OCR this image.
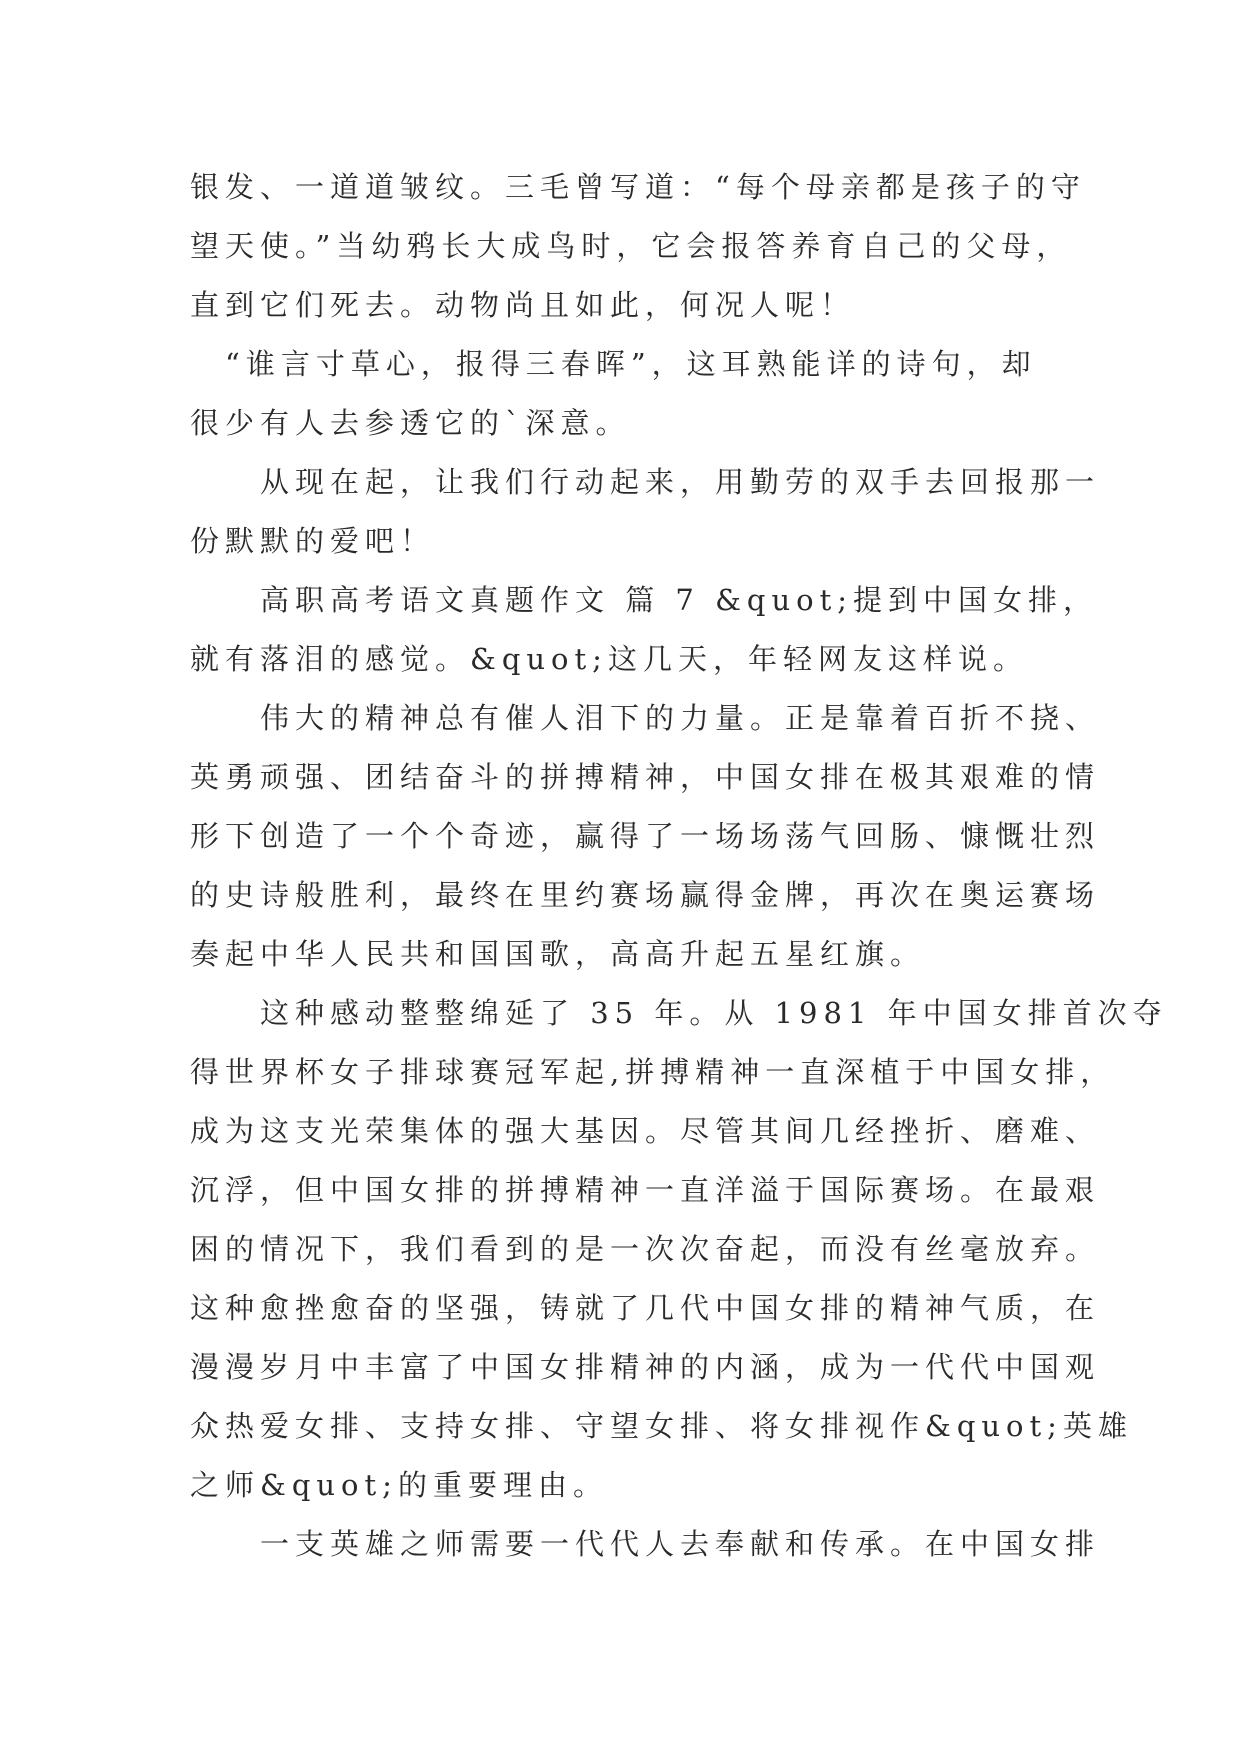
银发、一道道皱纹。三毛曾写道：“每个母亲都是孩子的守
望天使。”当幼鸦长大成鸟时，它会报答养育自己的父母，
直到它们死去。动物尚且如此，何况人呢！
　“谁言寸草心，报得三春晖”，这耳熟能详的诗句，却
很少有人去参透它的`深意。
　　从现在起，让我们行动起来，用勤劳的双手去回报那一
份默默的爱吧！
　　高职高考语文真题作文 篇 7 &quot;提到中国女排，
就有落泪的感觉。&quot;这几天，年轻网友这样说。
　　伟大的精神总有催人泪下的力量。正是靠着百折不挠、
英勇顽强、团结奋斗的拼搏精神，中国女排在极其艰难的情
形下创造了一个个奇迹，赢得了一场场荡气回肠、慷慨壮烈
的史诗般胜利，最终在里约赛场赢得金牌，再次在奥运赛场
奏起中华人民共和国国歌，高高升起五星红旗。
　　这种感动整整绵延了 35 年。从 1981 年中国女排首次夺
得世界杯女子排球赛冠军起,拼搏精神一直深植于中国女排，
成为这支光荣集体的强大基因。尽管其间几经挫折、磨难、
沉浮，但中国女排的拼搏精神一直洋溢于国际赛场。在最艰
困的情况下，我们看到的是一次次奋起，而没有丝毫放弃。
这种愈挫愈奋的坚强，铸就了几代中国女排的精神气质，在
漫漫岁月中丰富了中国女排精神的内涵，成为一代代中国观
众热爱女排、支持女排、守望女排、将女排视作&quot;英雄
之师&quot;的重要理由。
　　一支英雄之师需要一代代人去奉献和传承。在中国女排
